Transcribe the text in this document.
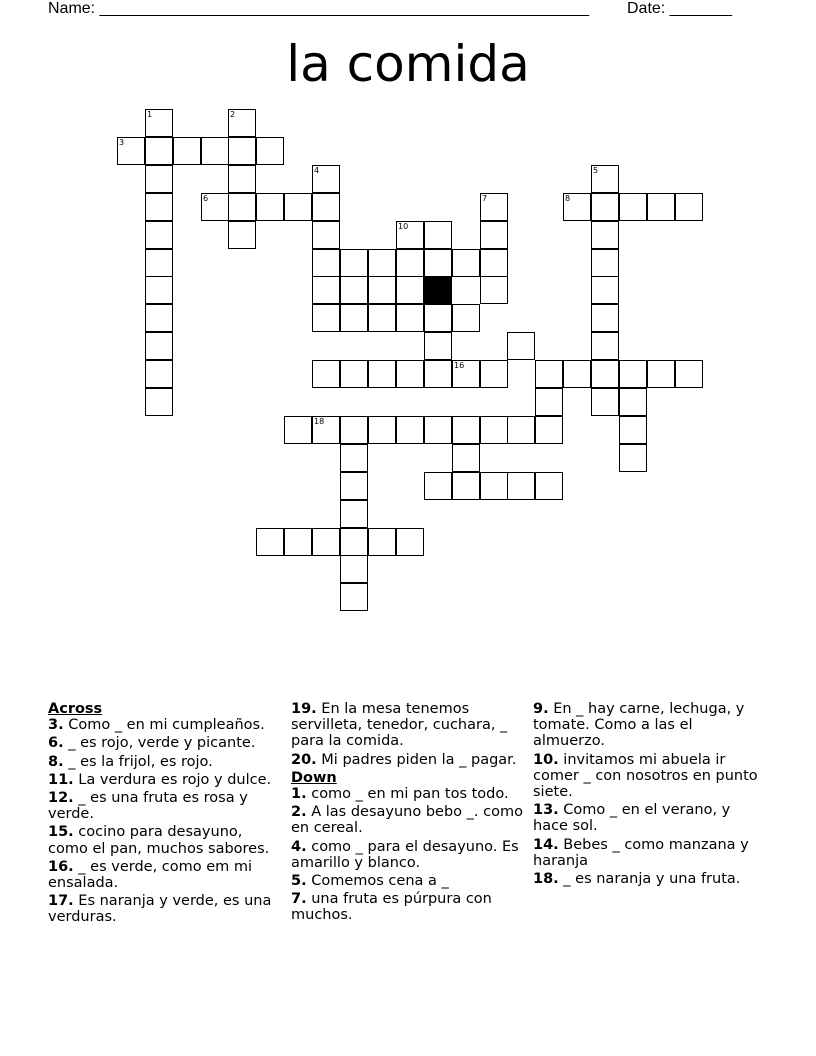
Name: _______________________________________________________ Date: _______
la comida
1	2
3
4	5
6	7	8
10
16
18
Across
3. Como _ en mi cumpleaños.
6. _ es rojo, verde y picante.
8. _ es la frijol, es rojo.
11. La verdura es rojo y dulce.
12. _ es una fruta es rosa y verde.
15. cocino para desayuno, como el pan, muchos sabores.
16. _ es verde, como em mi ensalada.
17. Es naranja y verde, es una verduras.
19. En la mesa tenemos servilleta, tenedor, cuchara, _ para la comida.
20. Mi padres piden la _ pagar.
Down
1. como _ en mi pan tos todo.
2. A las desayuno bebo _. como en cereal.
4. como _ para el desayuno. Es amarillo y blanco.
5. Comemos cena a _
7. una fruta es púrpura con muchos.
9. En _ hay carne, lechuga, y tomate. Como a las el almuerzo.
10. invitamos mi abuela ir comer _ con nosotros en punto siete.
13. Como _ en el verano, y hace sol.
14. Bebes _ como manzana y haranja
18. _ es naranja y una fruta.
